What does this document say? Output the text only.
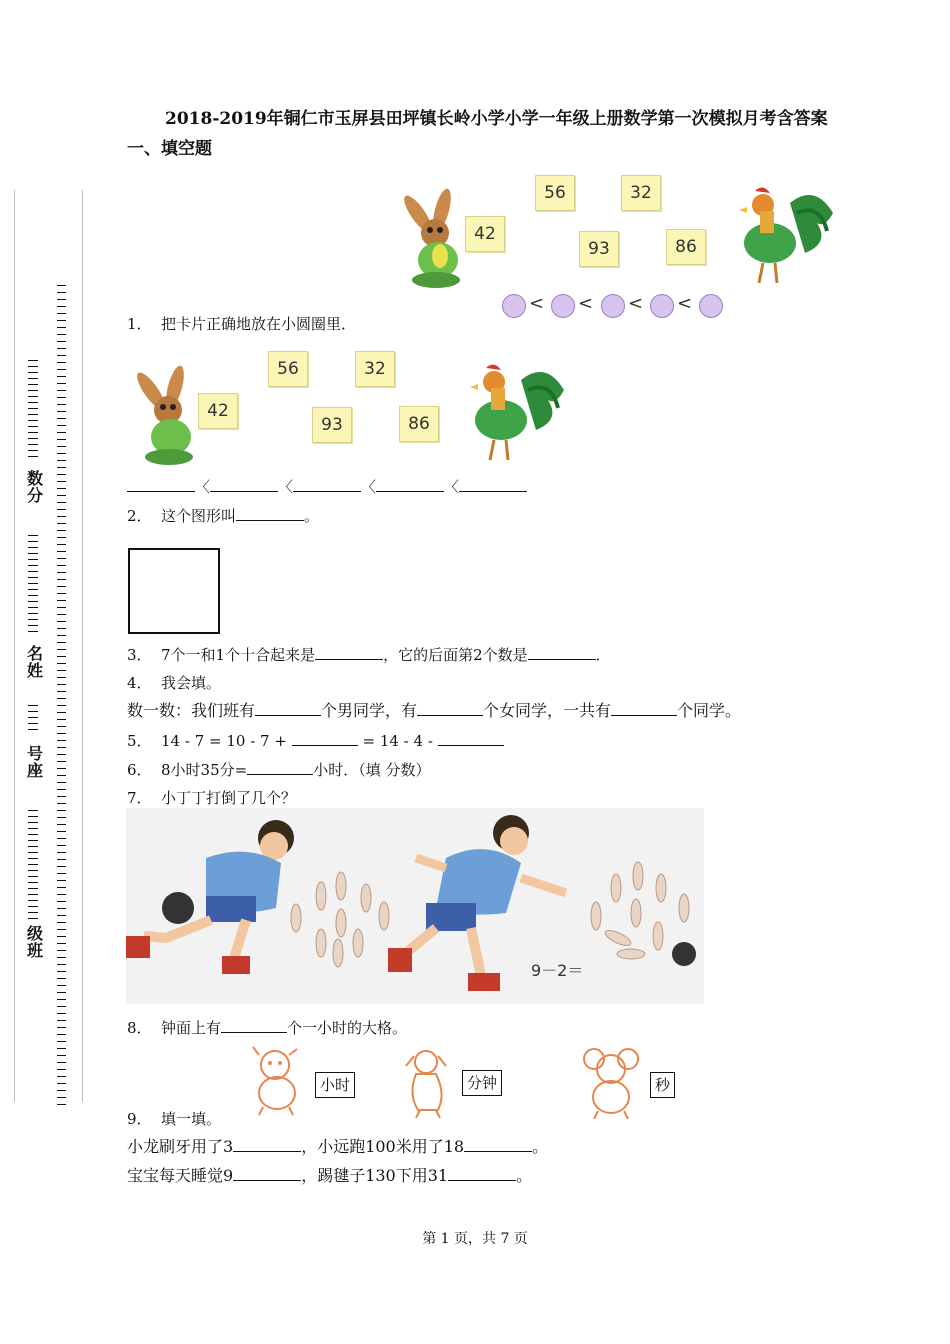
2018-2019年铜仁市玉屏县田坪镇长岭小学小学一年级上册数学第一次模拟月考含答案
一、填空题
数分
名姓
号座
级班
42
56	32
93	86
< < < <
1． 把卡片正确地放在小圆圈里．
42
56	32
93	86
〈	〈	〈	〈
2． 这个图形叫	。
3． 7个一和1个十合起来是	，它的后面第2个数是	．
4． 我会填。
数一数：我们班有	个男同学，有	个女同学，一共有	个同学。
5． 14 - 7 = 10 - 7 +	= 14 - 4 -
6． 8小时35分=	小时．（填 分数）
7． 小丁丁打倒了几个？
9－2＝
8． 钟面上有	个一小时的大格。
小时	分钟	秒
9． 填一填。
小龙刷牙用了3	，小远跑100米用了18	。
宝宝每天睡觉9	，踢毽子130下用31	。
第 1 页，共 7 页
